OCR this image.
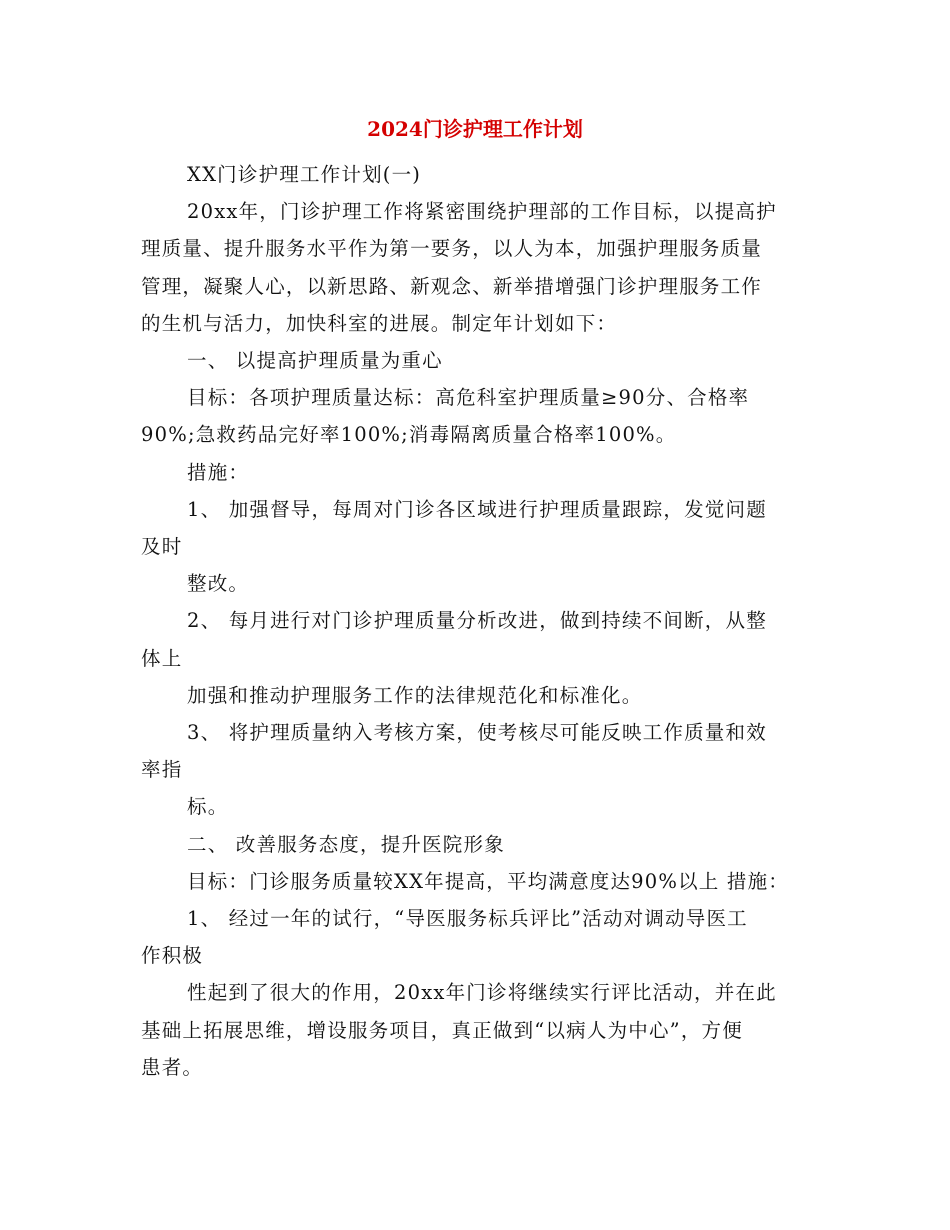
2024门诊护理工作计划

XX门诊护理工作计划(一)

20xx年，门诊护理工作将紧密围绕护理部的工作目标，以提高护

理质量、提升服务水平作为第一要务，以人为本，加强护理服务质量

管理，凝聚人心，以新思路、新观念、新举措增强门诊护理服务工作

的生机与活力，加快科室的进展。制定年计划如下：

一、 以提高护理质量为重心

目标：各项护理质量达标：高危科室护理质量≥90分、合格率

90%;急救药品完好率100%;消毒隔离质量合格率100%。

措施：

1、 加强督导，每周对门诊各区域进行护理质量跟踪，发觉问题

及时

整改。

2、 每月进行对门诊护理质量分析改进，做到持续不间断，从整

体上

加强和推动护理服务工作的法律规范化和标准化。

3、 将护理质量纳入考核方案，使考核尽可能反映工作质量和效

率指

标。

二、 改善服务态度，提升医院形象

目标：门诊服务质量较XX年提高，平均满意度达90%以上 措施：

1、 经过一年的试行，“导医服务标兵评比”活动对调动导医工

作积极

性起到了很大的作用，20xx年门诊将继续实行评比活动，并在此

基础上拓展思维，增设服务项目，真正做到“以病人为中心”，方便

患者。
